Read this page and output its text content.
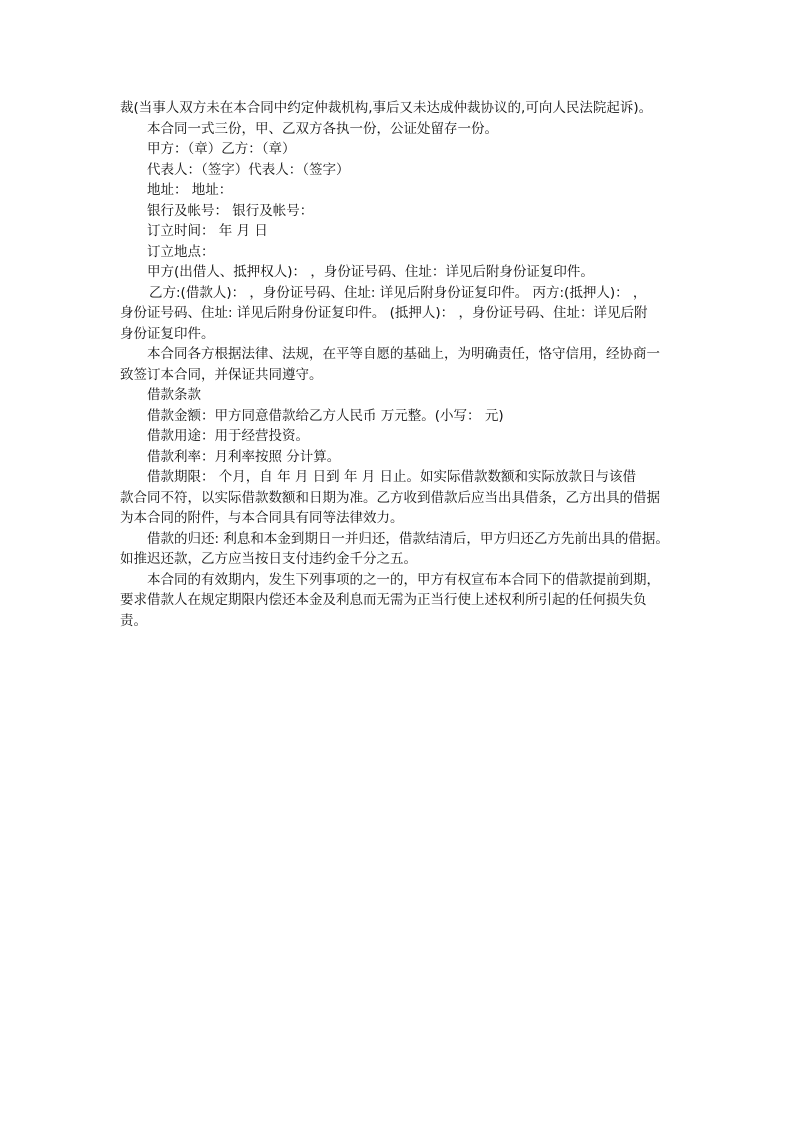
裁(当事人双方未在本合同中约定仲裁机构,事后又未达成仲裁协议的,可向人民法院起诉)。

本合同一式三份，甲、乙双方各执一份，公证处留存一份。

甲方：（章）乙方：（章）

代表人：（签字）代表人：（签字）

地址： 地址：

银行及帐号： 银行及帐号：

订立时间： 年 月 日

订立地点：

甲方(出借人、抵押权人)： ，身份证号码、住址：详见后附身份证复印件。

乙方:(借款人)： ，身份证号码、住址: 详见后附身份证复印件。 丙方:(抵押人)： ，

身份证号码、住址: 详见后附身份证复印件。 (抵押人)： ，身份证号码、住址：详见后附

身份证复印件。

本合同各方根据法律、法规，在平等自愿的基础上，为明确责任，恪守信用，经协商一

致签订本合同，并保证共同遵守。

借款条款

借款金额：甲方同意借款给乙方人民币 万元整。(小写： 元)

借款用途：用于经营投资。

借款利率：月利率按照 分计算。

借款期限： 个月，自 年 月 日到 年 月 日止。如实际借款数额和实际放款日与该借

款合同不符，以实际借款数额和日期为准。乙方收到借款后应当出具借条，乙方出具的借据

为本合同的附件，与本合同具有同等法律效力。

借款的归还: 利息和本金到期日一并归还，借款结清后，甲方归还乙方先前出具的借据。

如推迟还款，乙方应当按日支付违约金千分之五。

本合同的有效期内，发生下列事项的之一的，甲方有权宣布本合同下的借款提前到期，

要求借款人在规定期限内偿还本金及利息而无需为正当行使上述权利所引起的任何损失负

责。
